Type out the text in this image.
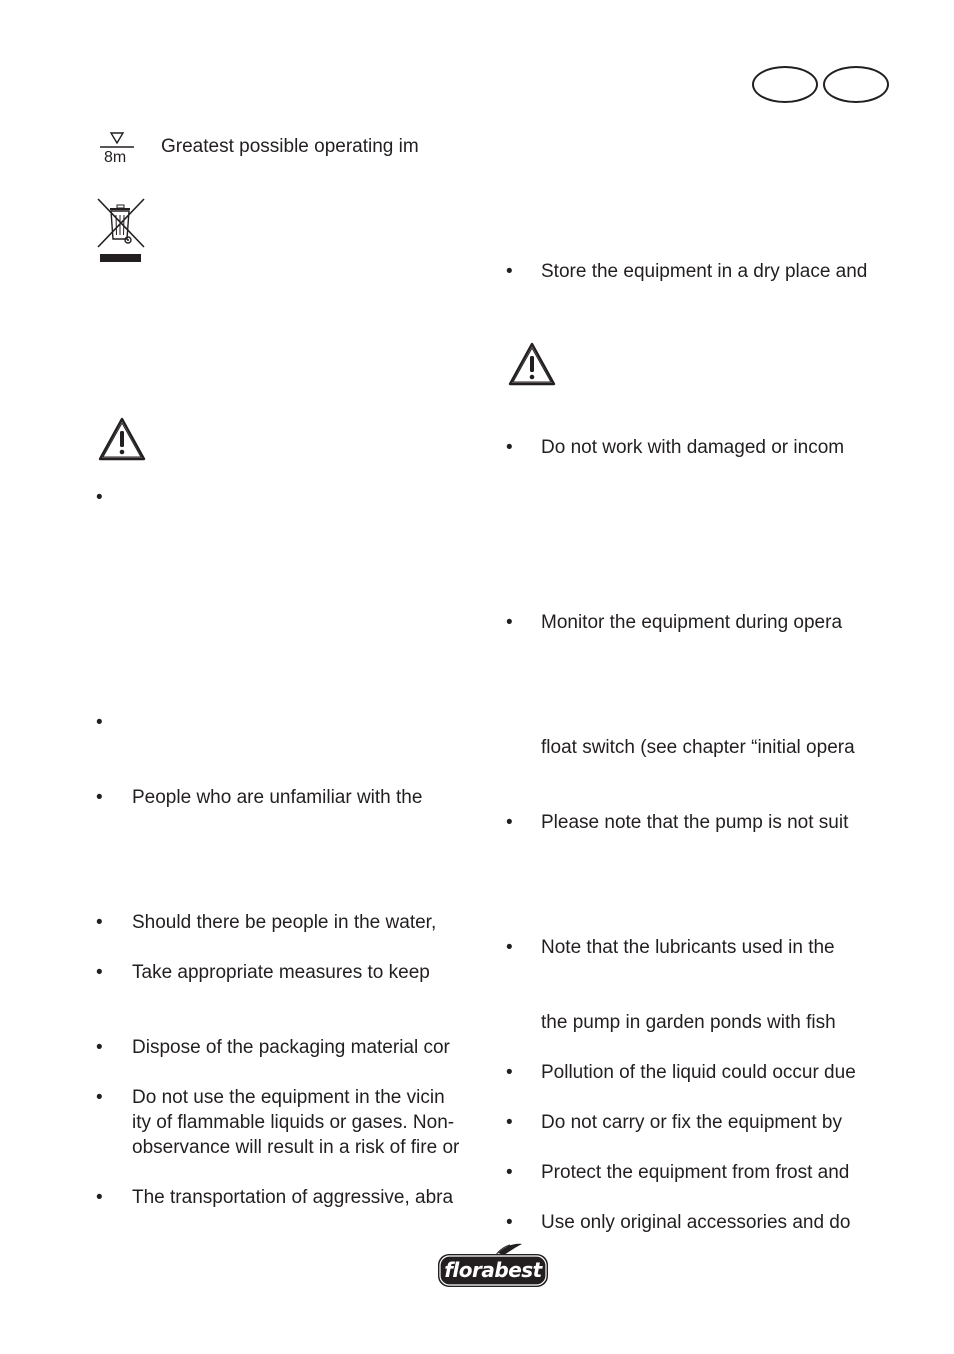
8m
Greatest possible operating im
•
•
• People who are unfamiliar with the
• Should there be people in the water,
• Take appropriate measures to keep
• Dispose of the packaging material cor
• Do not use the equipment in the vicin
ity of flammable liquids or gases. Non-
observance will result in a risk of fire or
• The transportation of aggressive, abra
• Store the equipment in a dry place and
• Do not work with damaged or incom
• Monitor the equipment during opera
float switch (see chapter “initial opera
• Please note that the pump is not suit
• Note that the lubricants used in the
the pump in garden ponds with fish
• Pollution of the liquid could occur due
• Do not carry or fix the equipment by
• Protect the equipment from frost and
• Use only original accessories and do
florabest
